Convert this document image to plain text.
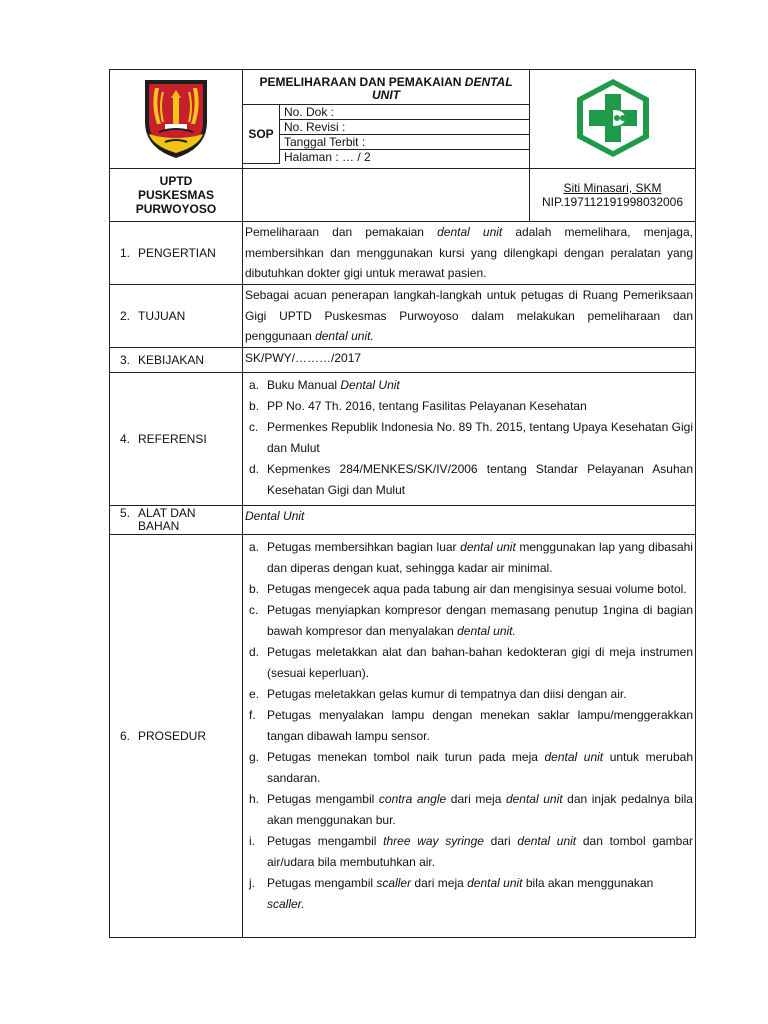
PEMELIHARAAN DAN PEMAKAIAN DENTAL UNIT
SOP	No. Dok :
No. Revisi :
Tanggal Terbit :
Halaman : … / 2

UPTD
PUSKESMAS
PURWOYOSO

Siti Minasari, SKM
NIP.197112191998032006

1. PENGERTIAN	Pemeliharaan dan pemakaian dental unit adalah memelihara, menjaga, membersihkan dan menggunakan kursi yang dilengkapi dengan peralatan yang dibutuhkan dokter gigi untuk merawat pasien.
2. TUJUAN	Sebagai acuan penerapan langkah-langkah untuk petugas di Ruang Pemeriksaan Gigi UPTD Puskesmas Purwoyoso dalam melakukan pemeliharaan dan penggunaan dental unit.
3. KEBIJAKAN	SK/PWY/………/2017
4. REFERENSI	
a. Buku Manual Dental Unit
b. PP No. 47 Th. 2016, tentang Fasilitas Pelayanan Kesehatan
c. Permenkes Republik Indonesia No. 89 Th. 2015, tentang Upaya Kesehatan Gigi dan Mulut
d. Kepmenkes 284/MENKES/SK/IV/2006 tentang Standar Pelayanan Asuhan Kesehatan Gigi dan Mulut

5. ALAT DAN
BAHAN	Dental Unit
6. PROSEDUR	
a. Petugas membersihkan bagian luar dental unit menggunakan lap yang dibasahi dan diperas dengan kuat, sehingga kadar air minimal.
b. Petugas mengecek aqua pada tabung air dan mengisinya sesuai volume botol.
c. Petugas menyiapkan kompresor dengan memasang penutup 1ngina di bagian bawah kompresor dan menyalakan dental unit.
d. Petugas meletakkan alat dan bahan-bahan kedokteran gigi di meja instrumen (sesuai keperluan).
e. Petugas meletakkan gelas kumur di tempatnya dan diisi dengan air.
f. Petugas menyalakan lampu dengan menekan saklar lampu/menggerakkan tangan dibawah lampu sensor.
g. Petugas menekan tombol naik turun pada meja dental unit untuk merubah sandaran.
h. Petugas mengambil contra angle dari meja dental unit dan injak pedalnya bila akan menggunakan bur.
i. Petugas mengambil three way syringe dari dental unit dan tombol gambar air/udara bila membutuhkan air.
j. Petugas mengambil scaller dari meja dental unit bila akan menggunakan
scaller.
